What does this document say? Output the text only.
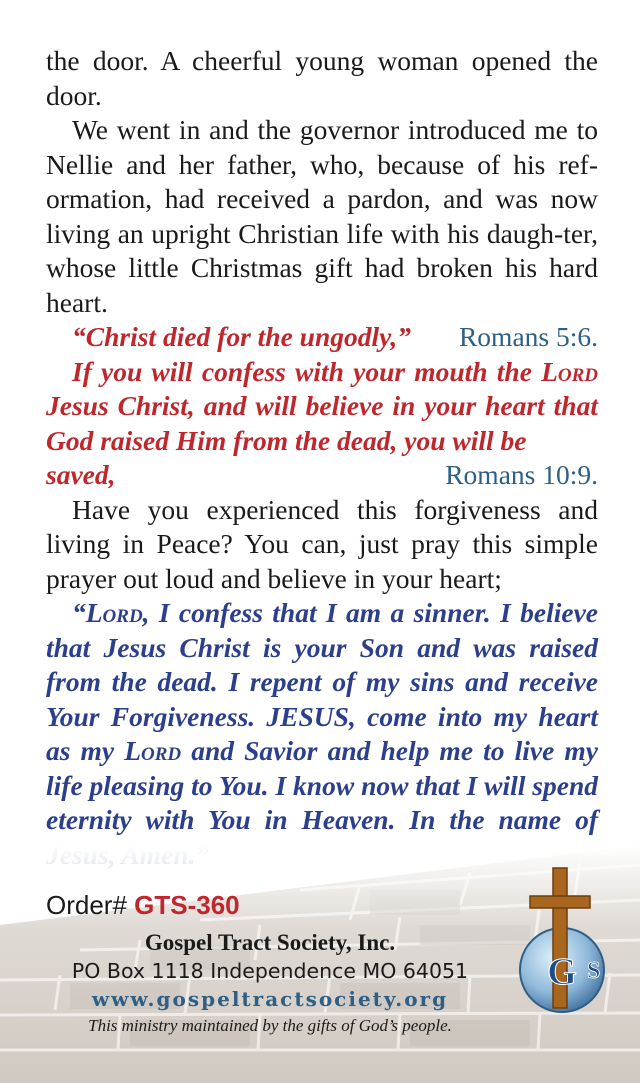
the door. A cheerful young woman opened the door.

We went in and the governor introduced me to Nellie and her father, who, because of his ref-ormation, had received a pardon, and was now living an upright Christian life with his daugh-ter, whose little Christmas gift had broken his hard heart.

“Christ died for the ungodly,”	Romans 5:6.

If you will confess with your mouth the Lord Jesus Christ, and will believe in your heart that God raised Him from the dead, you will be

saved,	Romans 10:9.

Have you experienced this forgiveness and living in Peace? You can, just pray this simple prayer out loud and believe in your heart;

“Lord, I confess that I am a sinner. I believe that Jesus Christ is your Son and was raised from the dead. I repent of my sins and receive Your Forgiveness. JESUS, come into my heart as my Lord and Savior and help me to live my life pleasing to You. I know now that I will spend eternity with You in Heaven. In the name of

Order# GTS-360
Gospel Tract Society, Inc.
PO Box 1118 Independence MO 64051
www.gospeltractsociety.org
This ministry maintained by the gifts of God’s people.
G S
